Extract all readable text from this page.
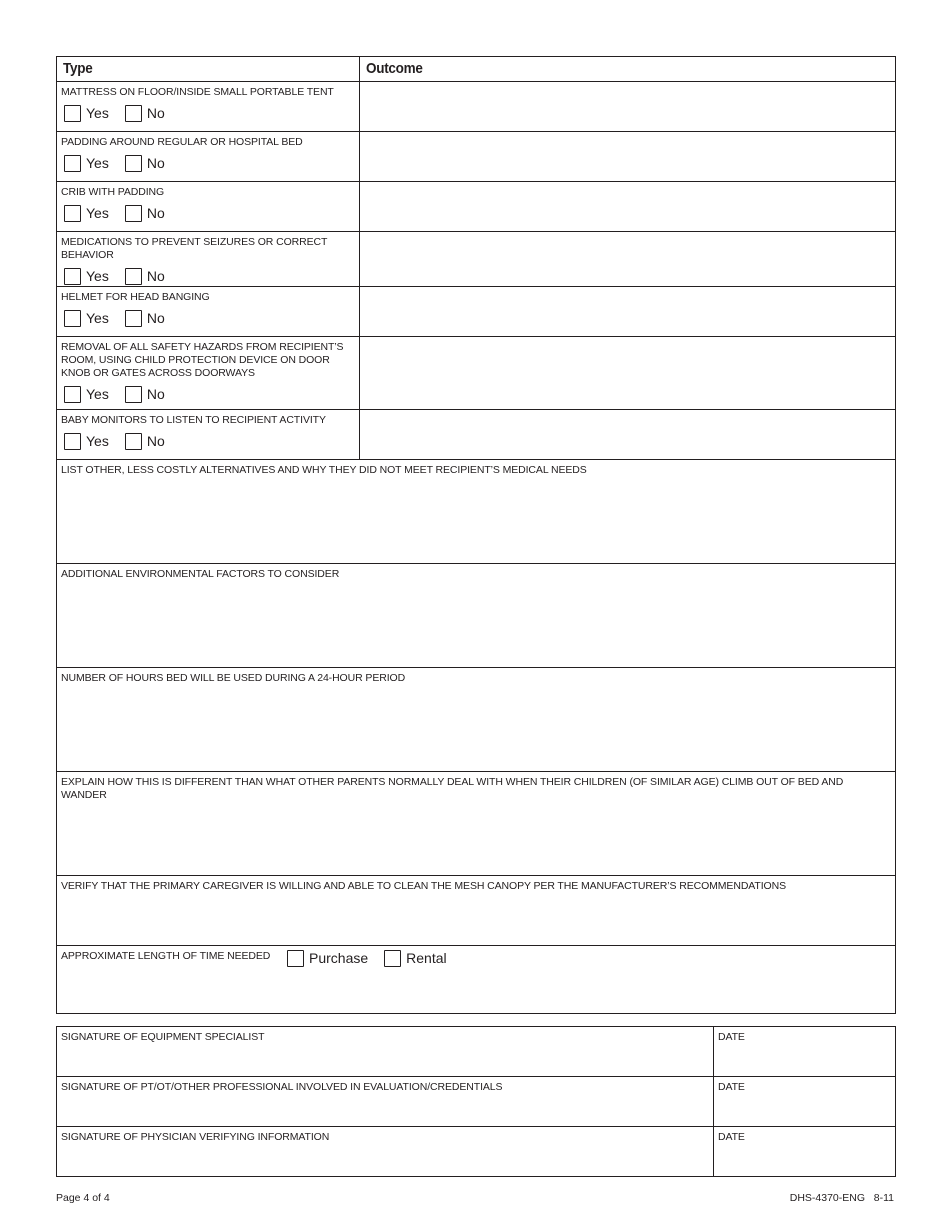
Type	Outcome

MATTRESS ON FLOOR/INSIDE SMALL PORTABLE TENT
Yes No	

PADDING AROUND REGULAR OR HOSPITAL BED
Yes No	

CRIB WITH PADDING
Yes No	

MEDICATIONS TO PREVENT SEIZURES OR CORRECT BEHAVIOR
Yes No	

HELMET FOR HEAD BANGING
Yes No	

REMOVAL OF ALL SAFETY HAZARDS FROM RECIPIENT’S ROOM, USING CHILD PROTECTION DEVICE ON DOOR KNOB OR GATES ACROSS DOORWAYS
Yes No	

BABY MONITORS TO LISTEN TO RECIPIENT ACTIVITY
Yes No	

LIST OTHER, LESS COSTLY ALTERNATIVES AND WHY THEY DID NOT MEET RECIPIENT’S MEDICAL NEEDS	

ADDITIONAL ENVIRONMENTAL FACTORS TO CONSIDER	

NUMBER OF HOURS BED WILL BE USED DURING A 24-HOUR PERIOD	

EXPLAIN HOW THIS IS DIFFERENT THAN WHAT OTHER PARENTS NORMALLY DEAL WITH WHEN THEIR CHILDREN (OF SIMILAR AGE) CLIMB OUT OF BED AND WANDER	

VERIFY THAT THE PRIMARY CAREGIVER IS WILLING AND ABLE TO CLEAN THE MESH CANOPY PER THE MANUFACTURER’S RECOMMENDATIONS	

APPROXIMATE LENGTH OF TIME NEEDED Purchase Rental	
SIGNATURE OF EQUIPMENT SPECIALIST	DATE

SIGNATURE OF PT/OT/OTHER PROFESSIONAL INVOLVED IN EVALUATION/CREDENTIALS	DATE

SIGNATURE OF PHYSICIAN VERIFYING INFORMATION	DATE
Page 4 of 4	DHS-4370-ENG   8-11
